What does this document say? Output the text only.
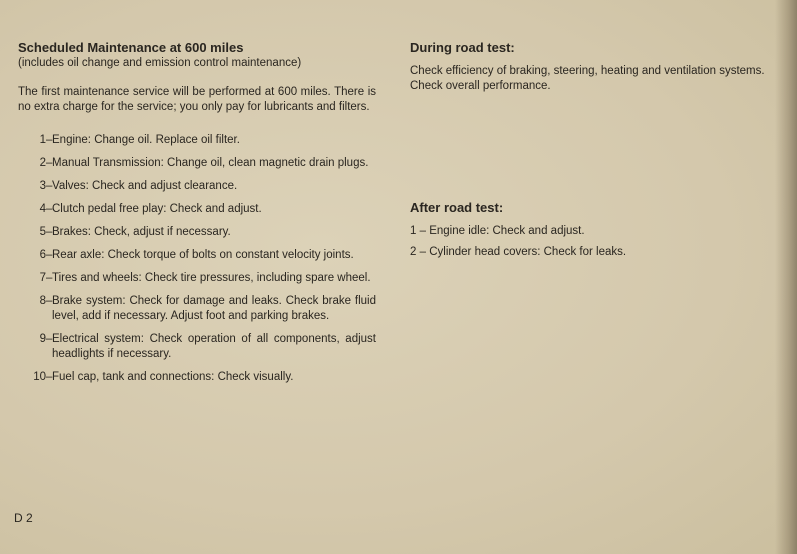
Scheduled Maintenance at 600 miles

(includes oil change and emission control maintenance)

The first maintenance service will be performed at 600 miles. There is no extra charge for the service; you only pay for lubricants and filters.

1– Engine: Change oil. Replace oil filter.
2– Manual Transmission: Change oil, clean magnetic drain plugs.
3– Valves: Check and adjust clearance.
4– Clutch pedal free play: Check and adjust.
5– Brakes: Check, adjust if necessary.
6– Rear axle: Check torque of bolts on constant velocity joints.
7– Tires and wheels: Check tire pressures, including spare wheel.
8– Brake system: Check for damage and leaks. Check brake fluid level, add if necessary. Adjust foot and parking brakes.
9– Electrical system: Check operation of all components, adjust headlights if necessary.
10– Fuel cap, tank and connections: Check visually.
During road test:

Check efficiency of braking, steering, heating and ventilation systems. Check overall performance.

After road test:
1 – Engine idle: Check and adjust.
2 – Cylinder head covers: Check for leaks.
D 2
